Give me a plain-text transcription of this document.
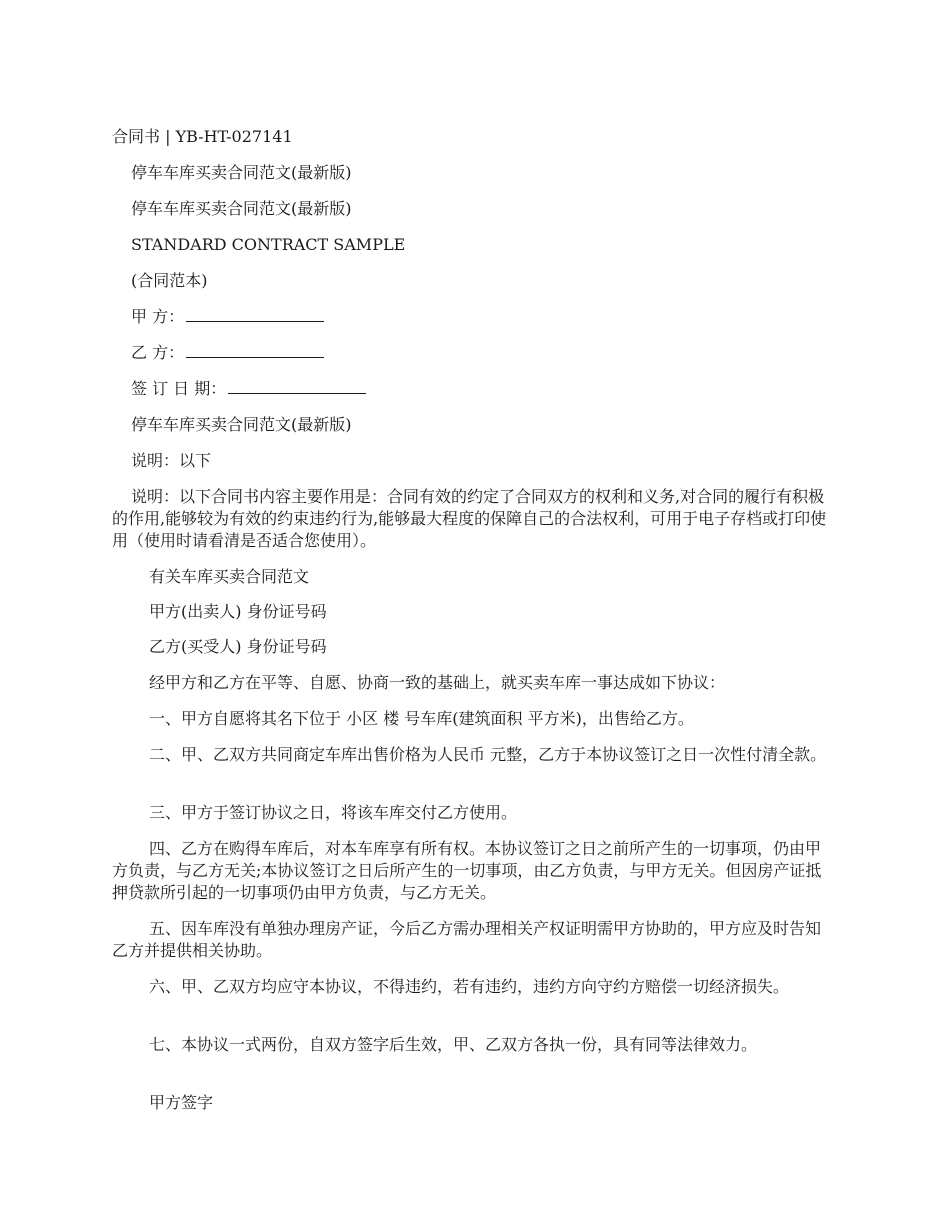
合同书 | YB-HT-027141
停车车库买卖合同范文(最新版)
停车车库买卖合同范文(最新版)
STANDARD CONTRACT SAMPLE
(合同范本)
甲 方：
乙 方：
签 订 日 期：
停车车库买卖合同范文(最新版)
说明：以下
说明：以下合同书内容主要作用是：合同有效的约定了合同双方的权利和义务,对合同的履行有积极的作用,能够较为有效的约束违约行为,能够最大程度的保障自己的合法权利，可用于电子存档或打印使用（使用时请看清是否适合您使用）。
有关车库买卖合同范文
甲方(出卖人) 身份证号码
乙方(买受人) 身份证号码
经甲方和乙方在平等、自愿、协商一致的基础上，就买卖车库一事达成如下协议：
一、甲方自愿将其名下位于 小区 楼 号车库(建筑面积 平方米)，出售给乙方。
二、甲、乙双方共同商定车库出售价格为人民币 元整，乙方于本协议签订之日一次性付清全款。
三、甲方于签订协议之日，将该车库交付乙方使用。
四、乙方在购得车库后，对本车库享有所有权。本协议签订之日之前所产生的一切事项，仍由甲方负责，与乙方无关;本协议签订之日后所产生的一切事项，由乙方负责，与甲方无关。但因房产证抵押贷款所引起的一切事项仍由甲方负责，与乙方无关。
五、因车库没有单独办理房产证，今后乙方需办理相关产权证明需甲方协助的，甲方应及时告知乙方并提供相关协助。
六、甲、乙双方均应守本协议，不得违约，若有违约，违约方向守约方赔偿一切经济损失。
七、本协议一式两份，自双方签字后生效，甲、乙双方各执一份，具有同等法律效力。
甲方签字
